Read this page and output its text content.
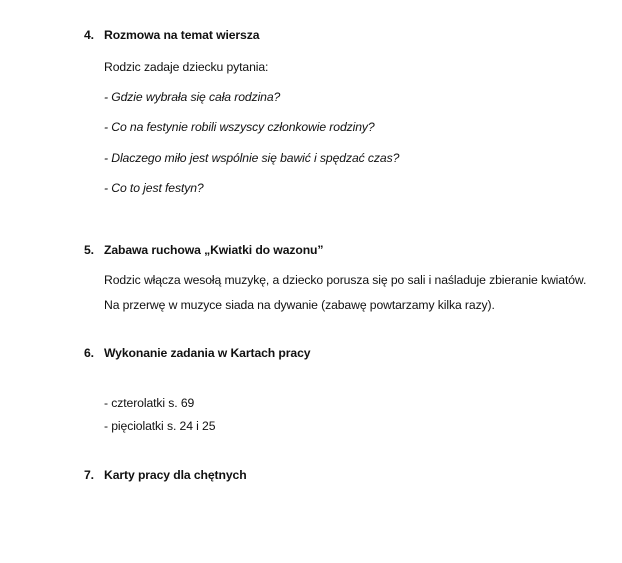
4. Rozmowa na temat wiersza
Rodzic zadaje dziecku pytania:
- Gdzie wybrała się cała rodzina?
- Co na festynie robili wszyscy członkowie rodziny?
- Dlaczego miło jest wspólnie się bawić i spędzać czas?
- Co to jest festyn?
5. Zabawa ruchowa „Kwiatki do wazonu”
Rodzic włącza wesołą muzykę, a dziecko porusza się po sali i naśladuje zbieranie kwiatów.
Na przerwę w muzyce siada na dywanie (zabawę powtarzamy kilka razy).
6. Wykonanie zadania w Kartach pracy
- czterolatki s. 69
- pięciolatki s. 24 i 25
7. Karty pracy dla chętnych
